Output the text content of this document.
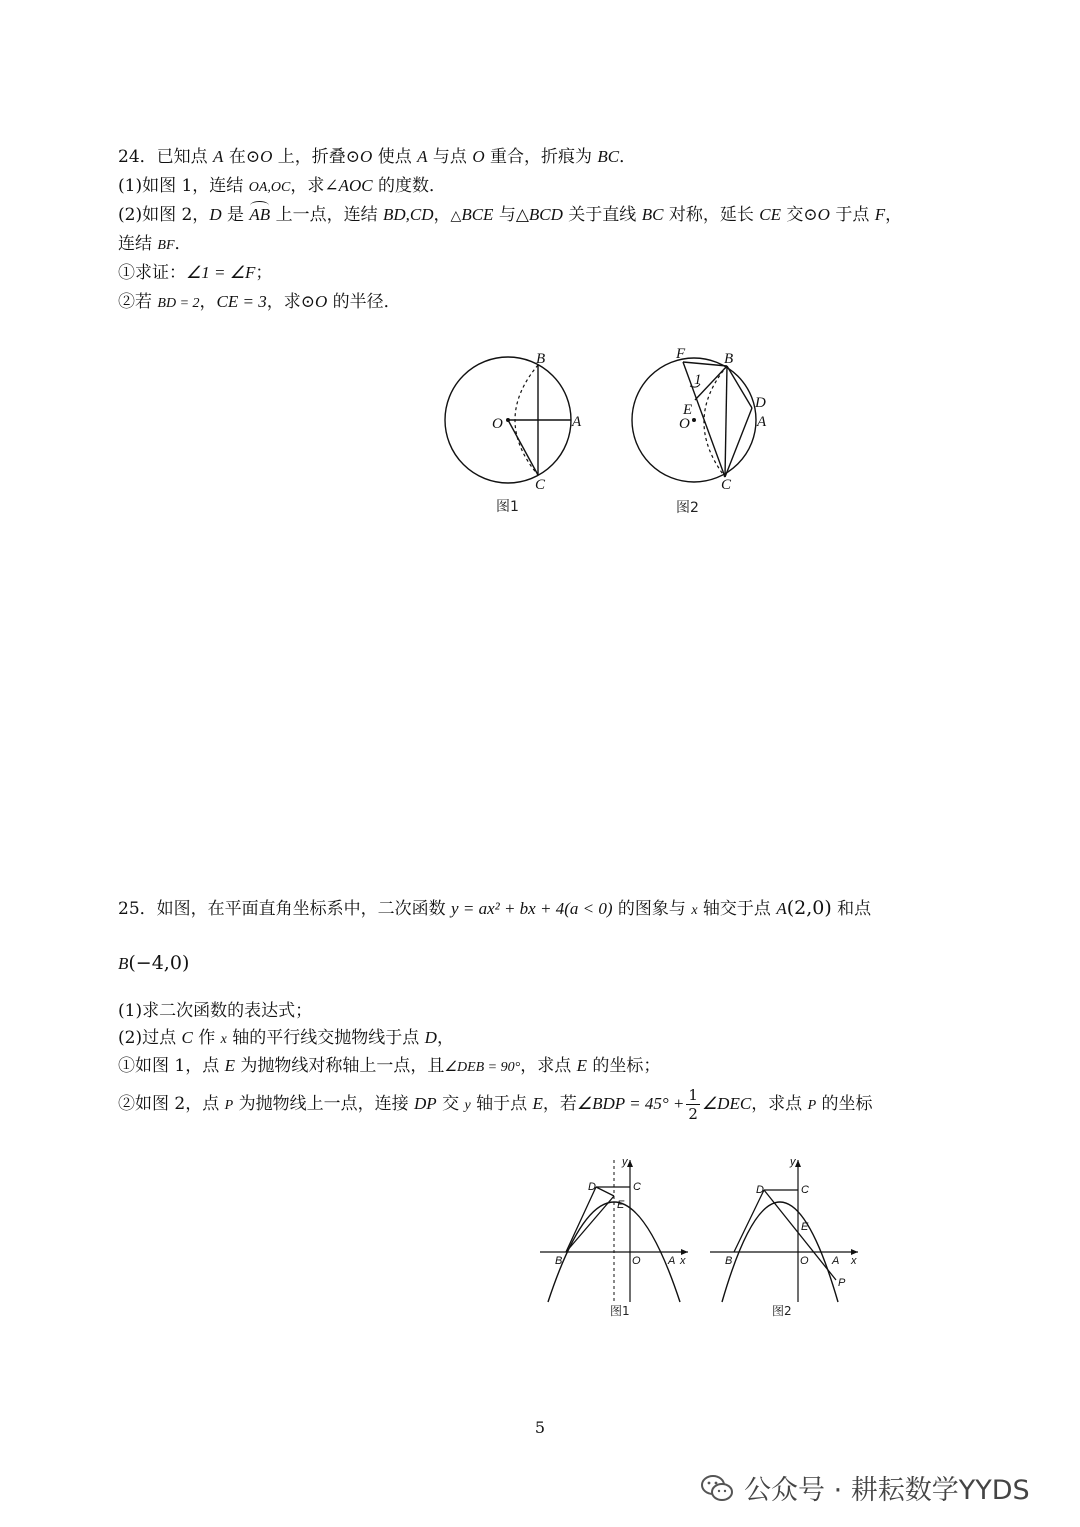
24．已知点 A 在⊙O 上，折叠⊙O 使点 A 与点 O 重合，折痕为 BC．
(1)如图 1，连结 OA,OC，求∠AOC 的度数．
(2)如图 2，D 是 AB 上一点，连结 BD,CD，△BCE 与△BCD 关于直线 BC 对称，延长 CE 交⊙O 于点 F，
连结 BF．
①求证：∠1 = ∠F；
②若 BD = 2，CE = 3，求⊙O 的半径．
B
O	A
C
图1
F	B
1
E
O
D
A
C
图2
25．如图，在平面直角坐标系中，二次函数 y = ax² + bx + 4(a < 0) 的图象与 x 轴交于点 A(2,0) 和点
B(−4,0)
(1)求二次函数的表达式；
(2)过点 C 作 x 轴的平行线交抛物线于点 D，
①如图 1，点 E 为抛物线对称轴上一点，且∠DEB = 90°，求点 E 的坐标；
②如图 2，点 P 为抛物线上一点，连接 DP 交 y 轴于点 E，若∠BDP = $45^\circ + \frac{1}{2}$ ∠DEC，求点 P 的坐标
y
D	C
E
B	O A x
图1
y
D	C
E
B	O A x
P
图2
5
公众号 · 耕耘数学YYDS
